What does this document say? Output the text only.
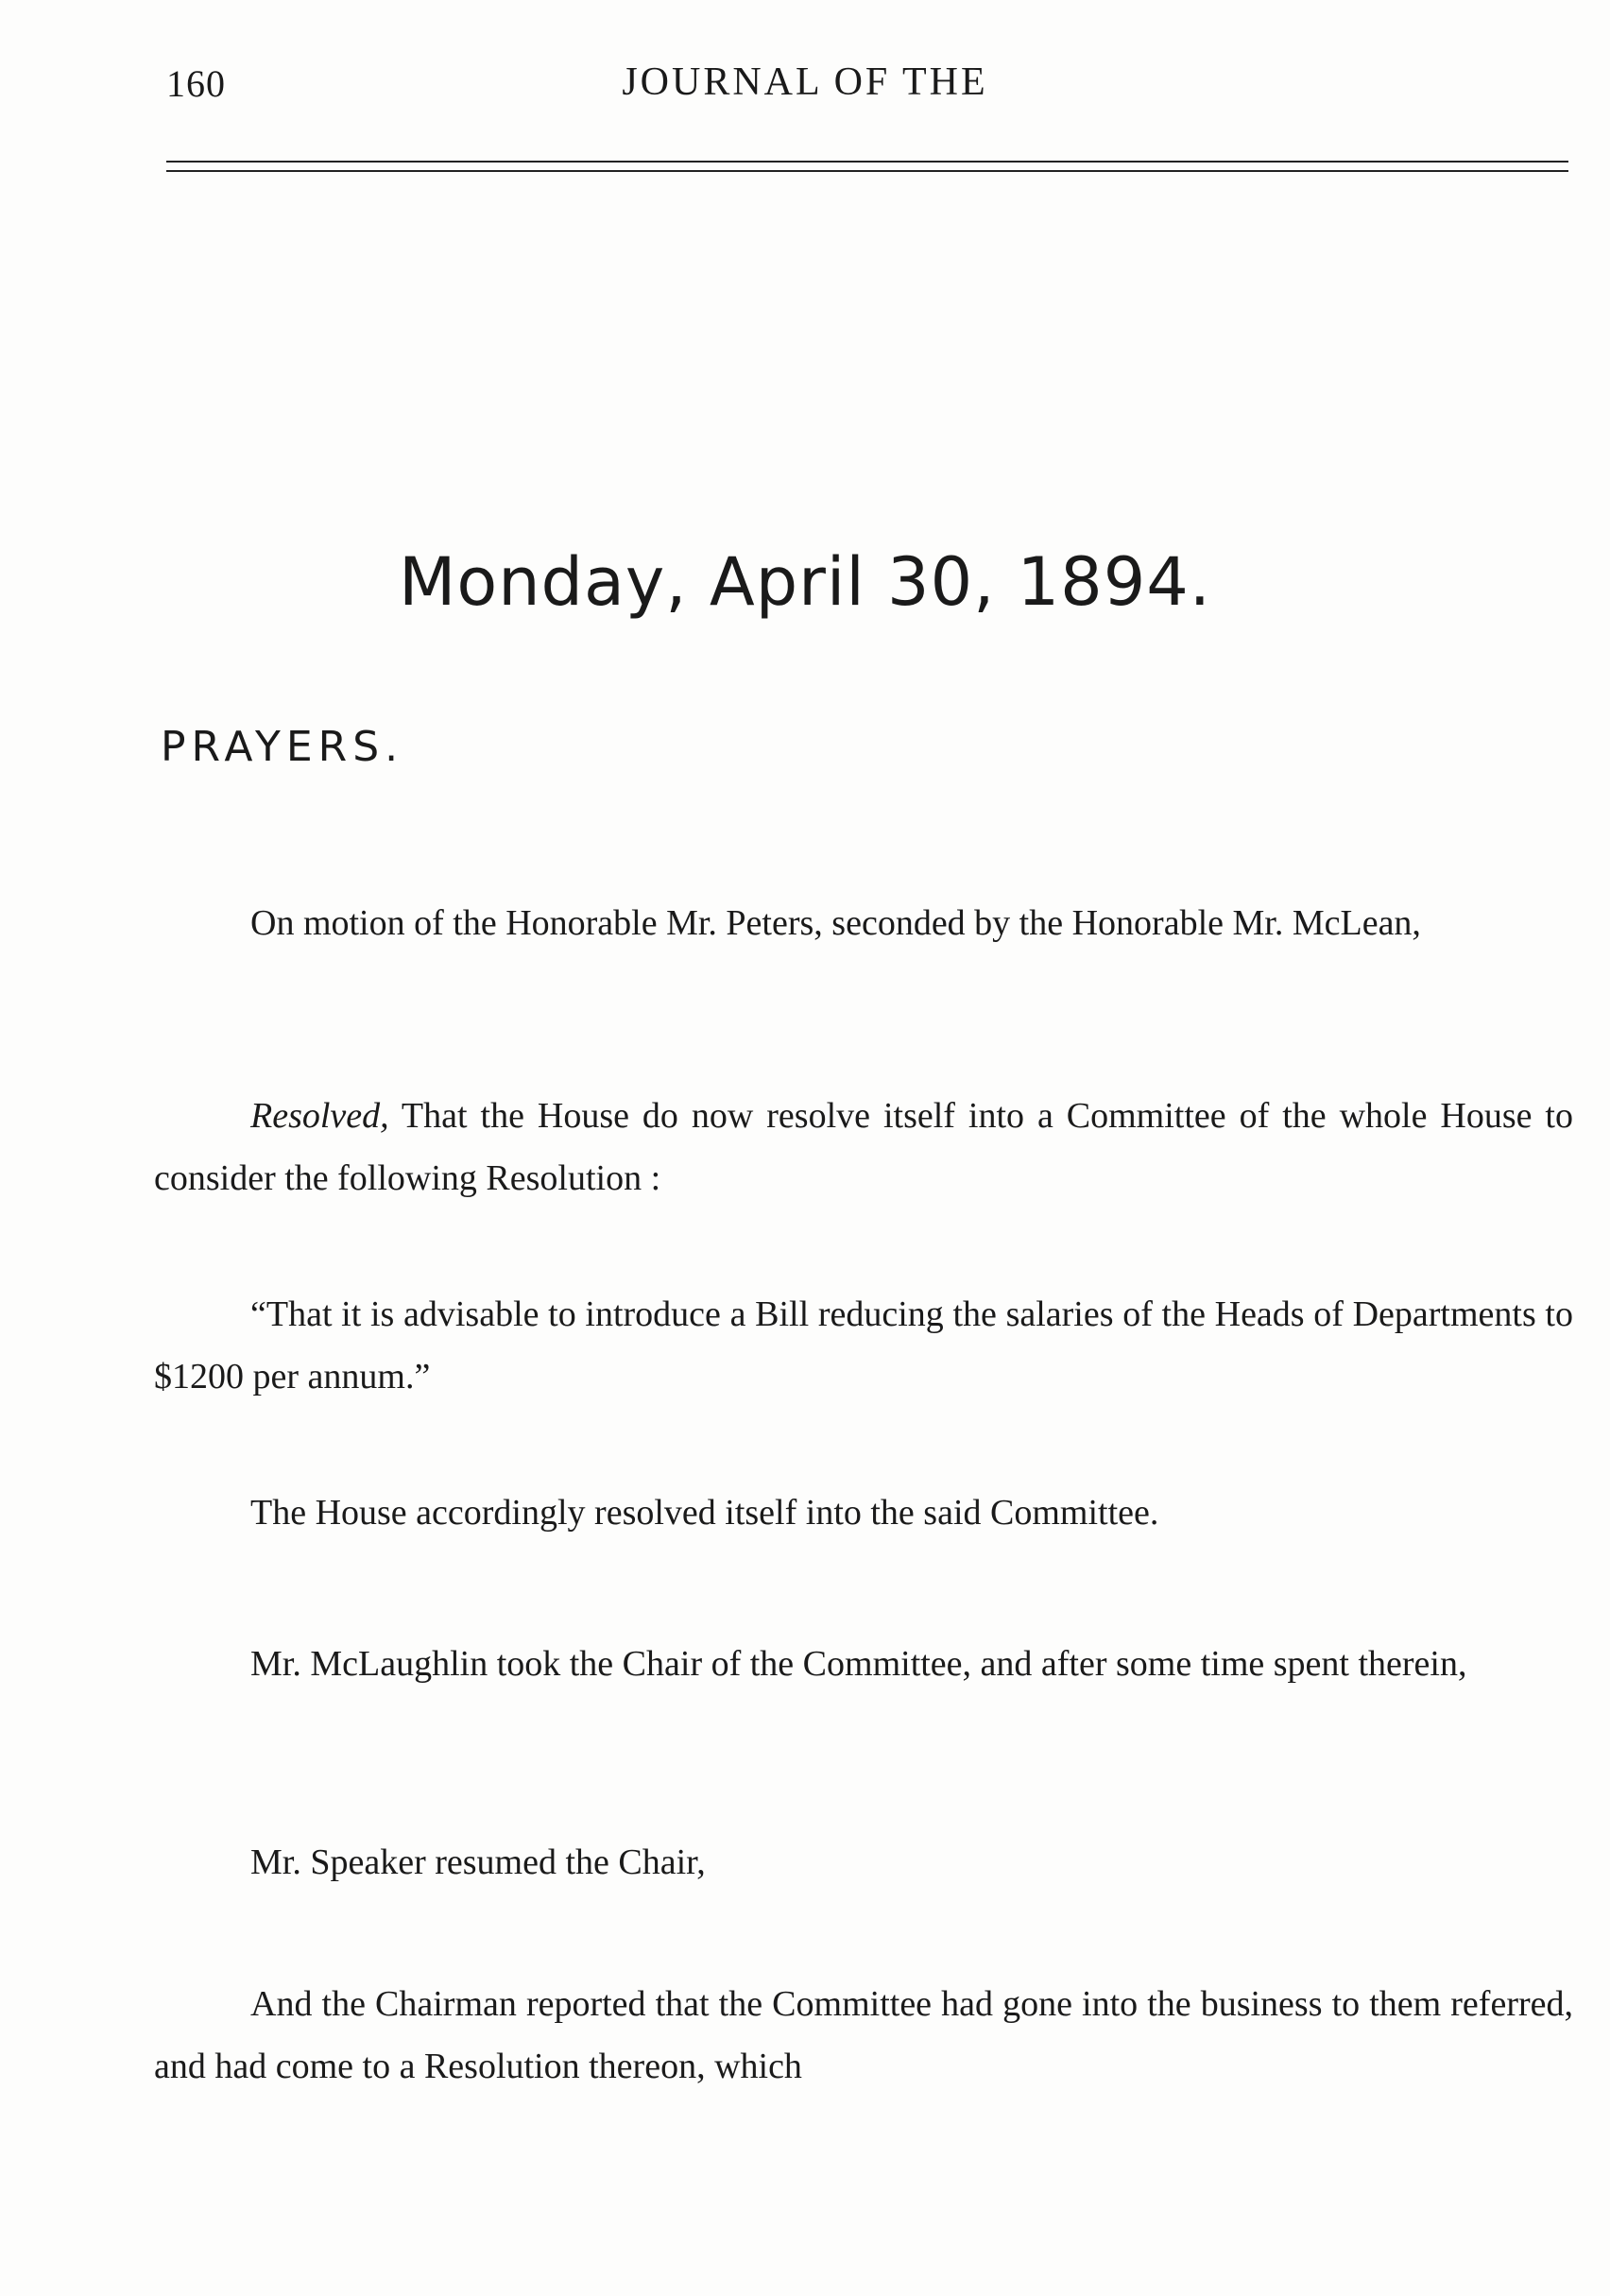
160	JOURNAL OF THE
Monday, April 30, 1894.
PRAYERS.

On motion of the Honorable Mr. Peters, seconded by the Honorable Mr. McLean,

Resolved, That the House do now resolve itself into a Committee of the whole House to consider the following Resolution :

“That it is advisable to introduce a Bill reducing the salaries of the Heads of Departments to $1200 per annum.”

The House accordingly resolved itself into the said Committee.

Mr. McLaughlin took the Chair of the Committee, and after some time spent therein,

Mr. Speaker resumed the Chair,

And the Chairman reported that the Committee had gone into the business to them referred, and had come to a Resolution thereon, which
